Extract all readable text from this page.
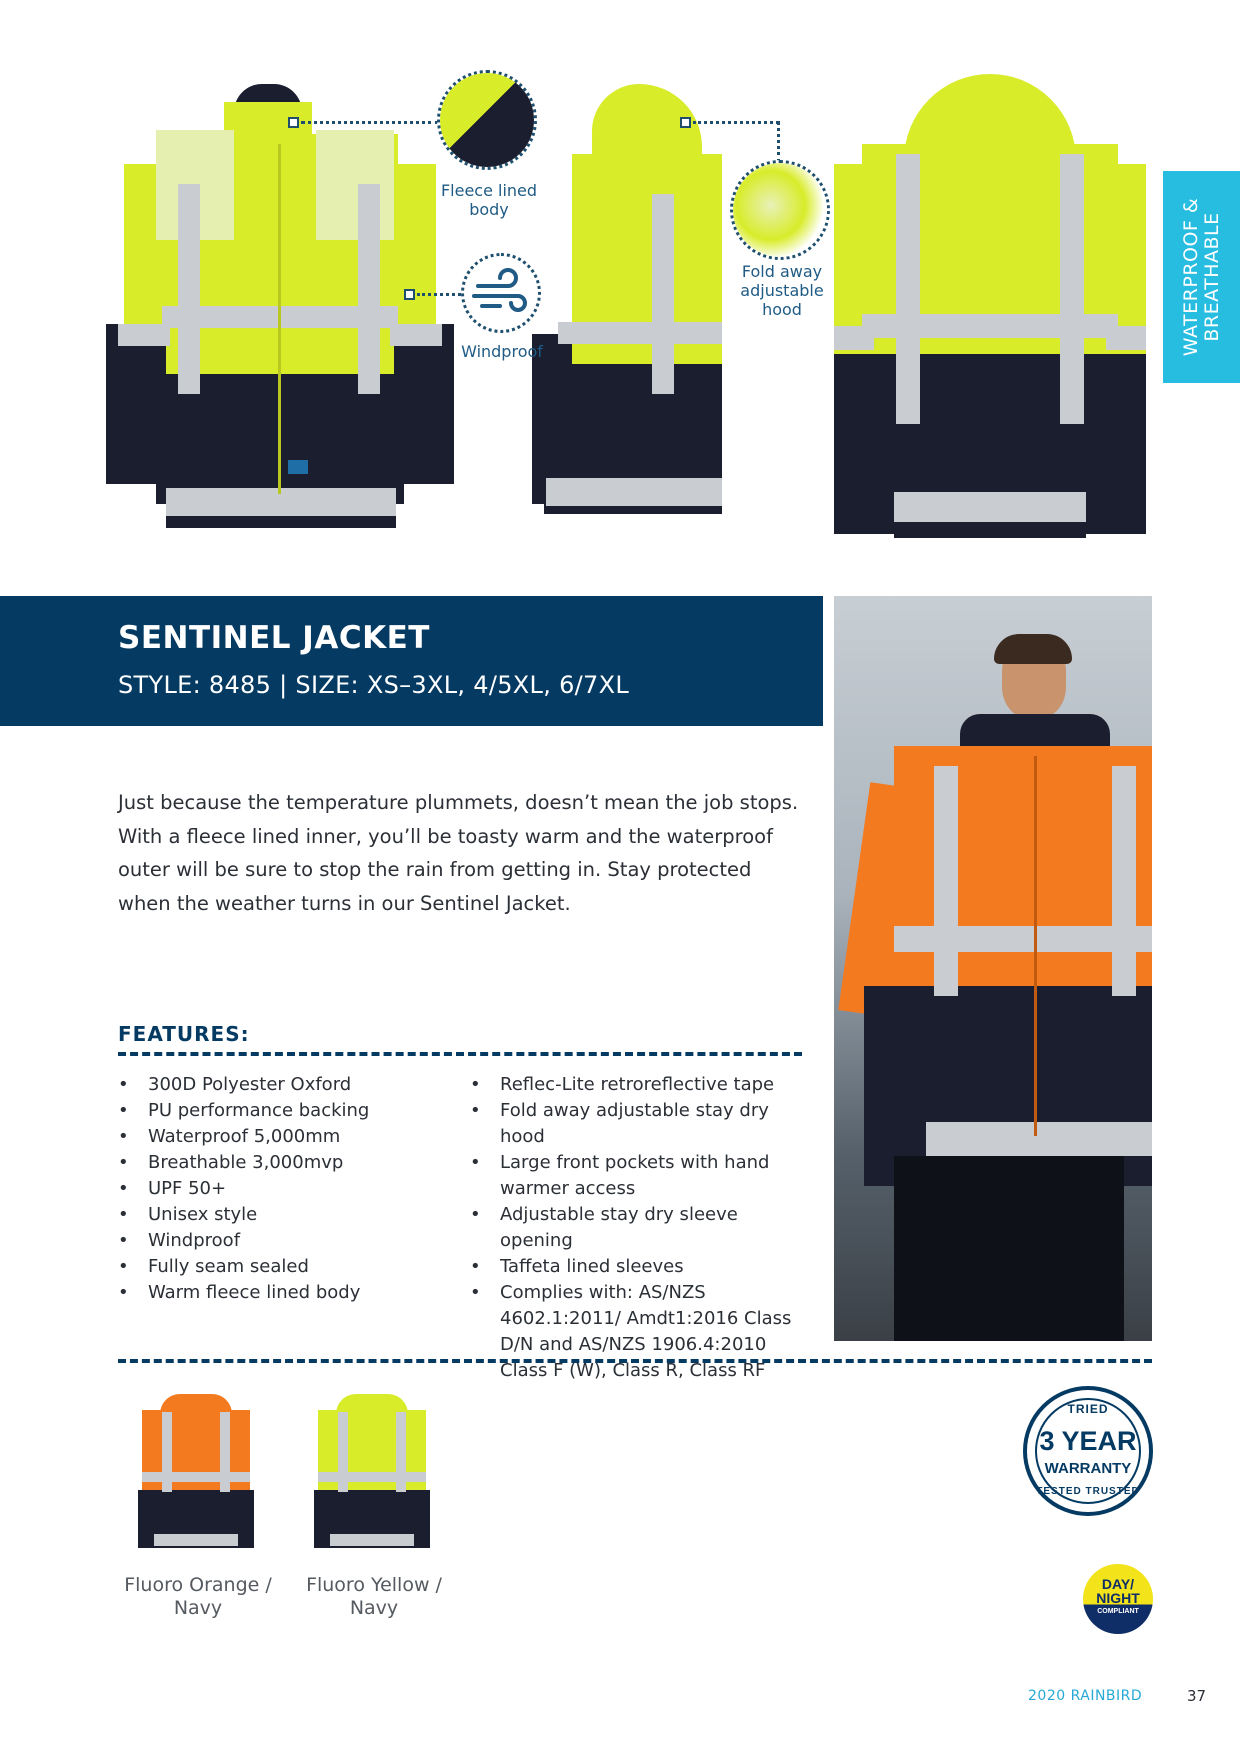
Fleece lined
body
Windproof
Fold away
adjustable hood	WATERPROOF &
BREATHABLE
SENTINEL JACKET
STYLE: 8485 | SIZE: XS–3XL, 4/5XL, 6/7XL
Just because the temperature plummets, doesn’t mean the job stops. With a fleece lined inner, you’ll be toasty warm and the waterproof outer will be sure to stop the rain from getting in. Stay protected when the weather turns in our Sentinel Jacket.
FEATURES:
• 300D Polyester Oxford
• PU performance backing
• Waterproof 5,000mm
• Breathable 3,000mvp
• UPF 50+
• Unisex style
• Windproof
• Fully seam sealed
• Warm fleece lined body
• Reflec-Lite retroreflective tape
• Fold away adjustable stay dry hood
• Large front pockets with hand warmer access
• Adjustable stay dry sleeve opening
• Taffeta lined sleeves
• Complies with: AS/NZS 4602.1:2011/ Amdt1:2016 Class D/N and AS/NZS 1906.4:2010 Class F (W), Class R, Class RF
Fluoro Orange /
Navy
Fluoro Yellow /
Navy
TRIED
3 YEAR
WARRANTY
TESTED TRUSTED
DAY/
NIGHT
COMPLIANT
2020 RAINBIRD	37
